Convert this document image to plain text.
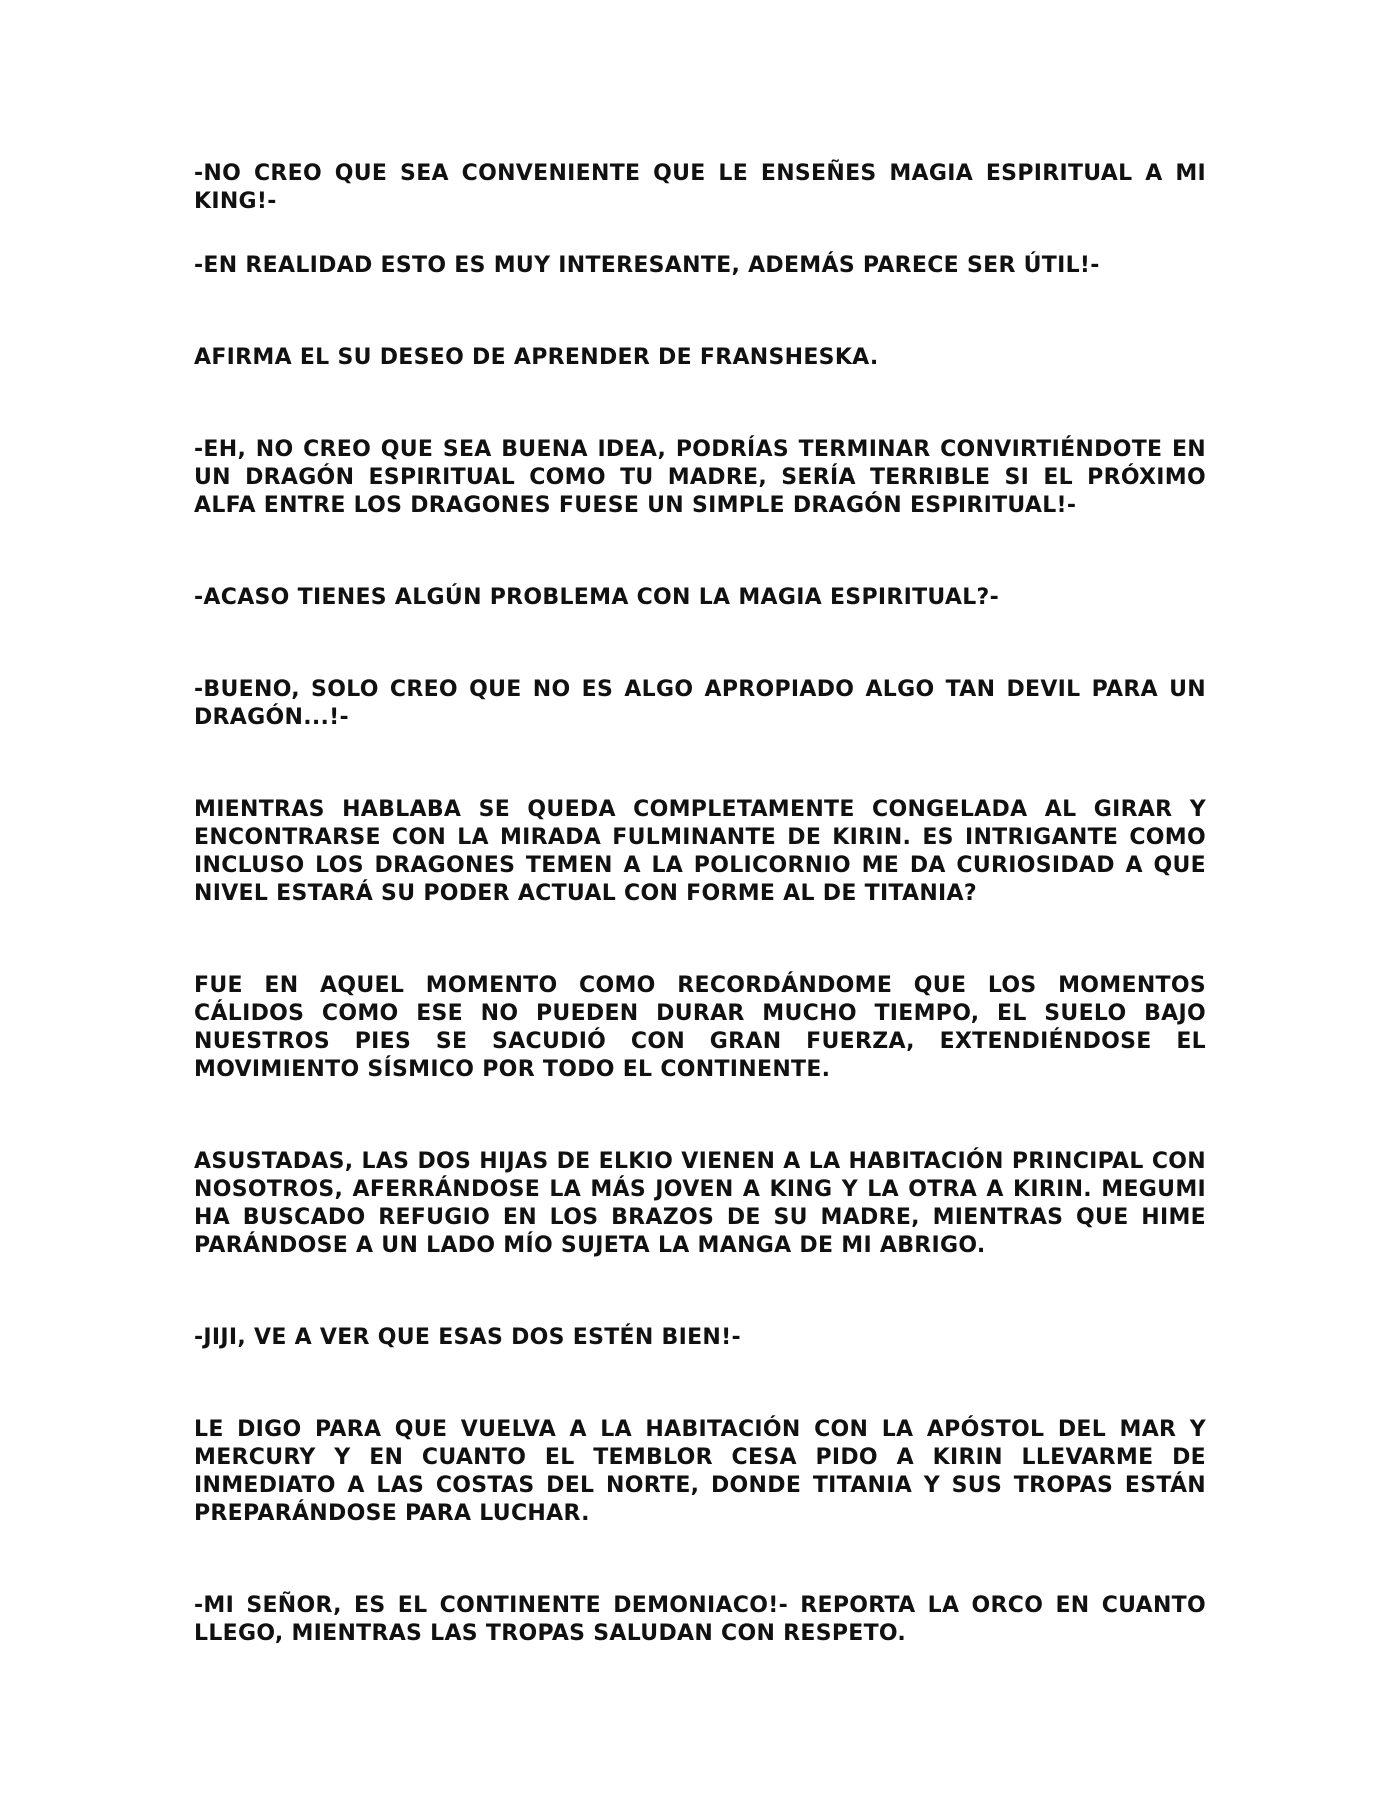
-NO CREO QUE SEA CONVENIENTE QUE LE ENSEÑES MAGIA ESPIRITUAL A MI KING!-

-EN REALIDAD ESTO ES MUY INTERESANTE, ADEMÁS PARECE SER ÚTIL!-

AFIRMA EL SU DESEO DE APRENDER DE FRANSHESKA.

-EH, NO CREO QUE SEA BUENA IDEA, PODRÍAS TERMINAR CONVIRTIÉNDOTE EN UN DRAGÓN ESPIRITUAL COMO TU MADRE, SERÍA TERRIBLE SI EL PRÓXIMO ALFA ENTRE LOS DRAGONES FUESE UN SIMPLE DRAGÓN ESPIRITUAL!-

-ACASO TIENES ALGÚN PROBLEMA CON LA MAGIA ESPIRITUAL?-

-BUENO, SOLO CREO QUE NO ES ALGO APROPIADO ALGO TAN DEVIL PARA UN DRAGÓN...!-

MIENTRAS HABLABA SE QUEDA COMPLETAMENTE CONGELADA AL GIRAR Y ENCONTRARSE CON LA MIRADA FULMINANTE DE KIRIN. ES INTRIGANTE COMO INCLUSO LOS DRAGONES TEMEN A LA POLICORNIO ME DA CURIOSIDAD A QUE NIVEL ESTARÁ SU PODER ACTUAL CON FORME AL DE TITANIA?

FUE EN AQUEL MOMENTO COMO RECORDÁNDOME QUE LOS MOMENTOS CÁLIDOS COMO ESE NO PUEDEN DURAR MUCHO TIEMPO, EL SUELO BAJO NUESTROS PIES SE SACUDIÓ CON GRAN FUERZA, EXTENDIÉNDOSE EL MOVIMIENTO SÍSMICO POR TODO EL CONTINENTE.

ASUSTADAS, LAS DOS HIJAS DE ELKIO VIENEN A LA HABITACIÓN PRINCIPAL CON NOSOTROS, AFERRÁNDOSE LA MÁS JOVEN A KING Y LA OTRA A KIRIN. MEGUMI HA BUSCADO REFUGIO EN LOS BRAZOS DE SU MADRE, MIENTRAS QUE HIME PARÁNDOSE A UN LADO MÍO SUJETA LA MANGA DE MI ABRIGO.

-JIJI, VE A VER QUE ESAS DOS ESTÉN BIEN!-

LE DIGO PARA QUE VUELVA A LA HABITACIÓN CON LA APÓSTOL DEL MAR Y MERCURY Y EN CUANTO EL TEMBLOR CESA PIDO A KIRIN LLEVARME DE INMEDIATO A LAS COSTAS DEL NORTE, DONDE TITANIA Y SUS TROPAS ESTÁN PREPARÁNDOSE PARA LUCHAR.

-MI SEÑOR, ES EL CONTINENTE DEMONIACO!- REPORTA LA ORCO EN CUANTO LLEGO, MIENTRAS LAS TROPAS SALUDAN CON RESPETO.
